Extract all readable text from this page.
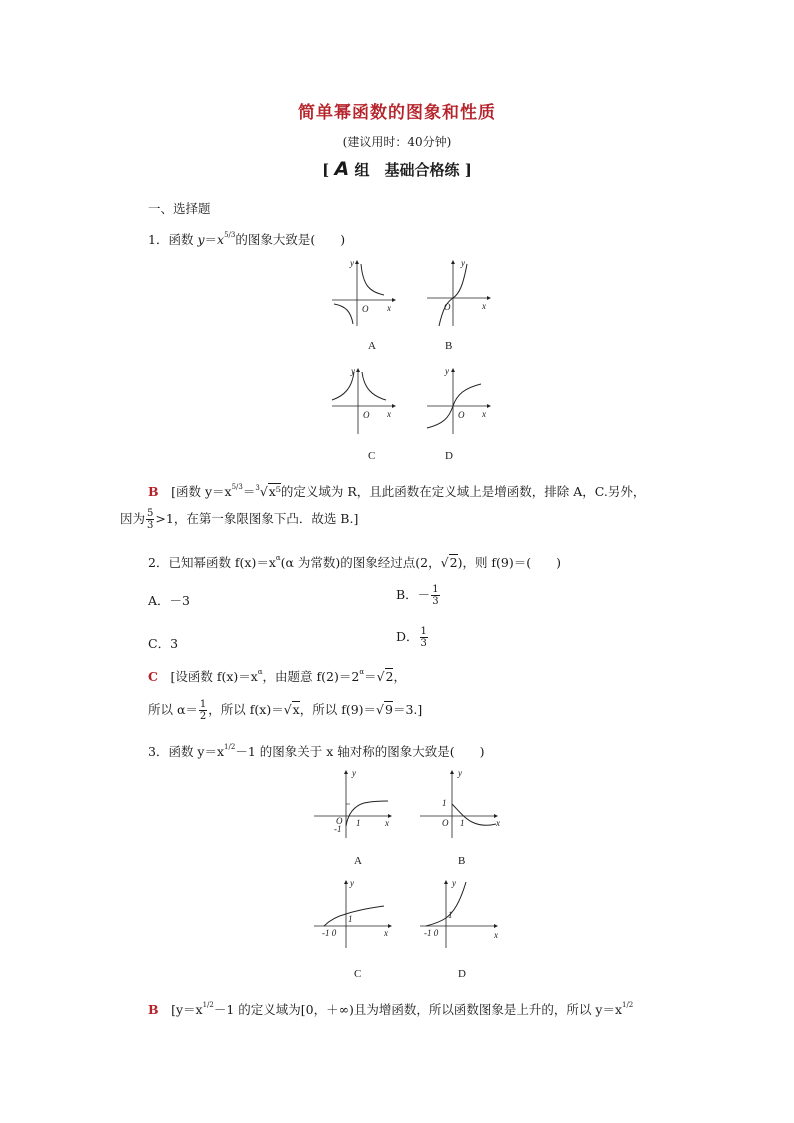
简单幂函数的图象和性质
(建议用时：40分钟)
[ A 组　基础合格练 ]
一、选择题
1．函数 $y=x^{5/3}$的图象大致是(　　)
y
O x
A
y
O	x
B
y
O x
C
y
O x
D
B　 [函数 $y=x^{5/3}=^3√x^5$的定义域为 R，且此函数在定义域上是增函数，排除 A，C.另外，
因为 $\frac{5}{3} >1$，在第一象限图象下凸．故选 B.]
2．已知幂函数 $f(x)=x^\alpha(\alpha$ 为常数)的图象经过点(2，√2)，则 f(9)＝(　　)
A．－3	B．－ $\frac{1}{3}$
C．3	D． $\frac{1}{3}$
C　 [设函数 $f(x)=x^\alpha$，由题意 $f(2)=2^\alpha=√2$，
所以 $\alpha= \frac{1}{2}$ ，所以 f(x)＝√x，所以 f(9)＝√9＝3.]
3．函数 $y=x^{1/2}-1$ 的图象关于 x 轴对称的图象大致是(　　)
y
O
-1
1	x
A
y
1
O 1	x
B
y
1
-1 0	x
C
y
1
-1 0	x
D
B　 [$y=x^{1/2}-1$ 的定义域为[0，＋∞)且为增函数，所以函数图象是上升的，所以 $y=x^{1/2}$
